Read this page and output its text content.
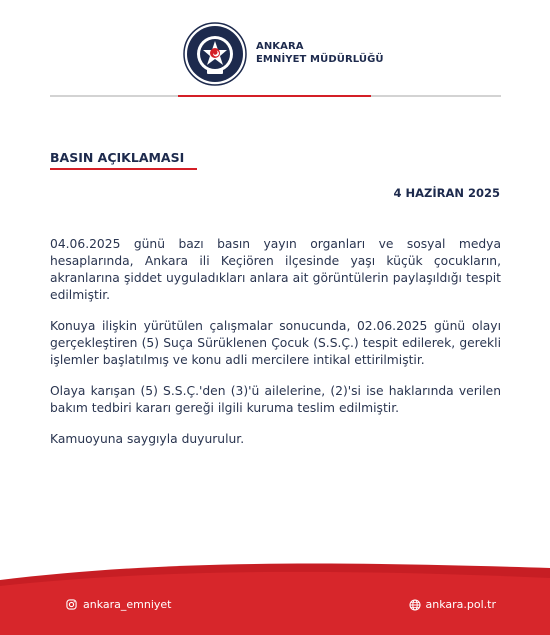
ANKARA
EMNİYET MÜDÜRLÜĞÜ
BASIN AÇIKLAMASI
4 HAZİRAN 2025

04.06.2025 günü bazı basın yayın organları ve sosyal medya hesaplarında, Ankara ili Keçiören ilçesinde yaşı küçük çocukların, akranlarına şiddet uyguladıkları anlara ait görüntülerin paylaşıldığı tespit edilmiştir.

Konuya ilişkin yürütülen çalışmalar sonucunda, 02.06.2025 günü olayı gerçekleştiren (5) Suça Sürüklenen Çocuk (S.S.Ç.) tespit edilerek, gerekli işlemler başlatılmış ve konu adli mercilere intikal ettirilmiştir.

Olaya karışan (5) S.S.Ç.'den (3)'ü ailelerine, (2)'si ise haklarında verilen bakım tedbiri kararı gereği ilgili kuruma teslim edilmiştir.

Kamuoyuna saygıyla duyurulur.

ankara_emniyet	ankara.pol.tr
